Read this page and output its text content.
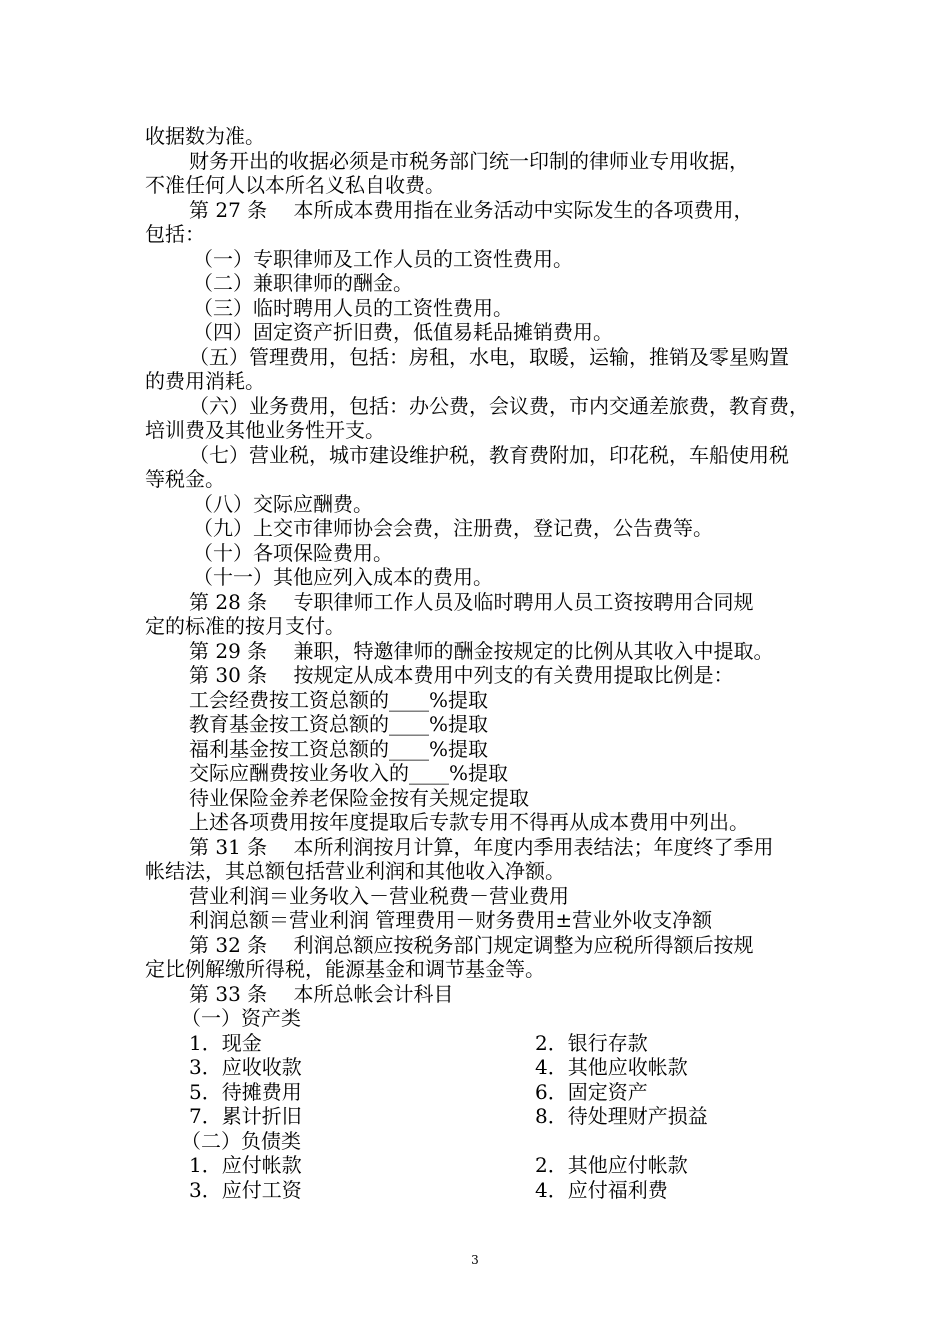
收据数为准。
财务开出的收据必须是市税务部门统一印制的律师业专用收据，
不准任何人以本所名义私自收费。
第 27 条　 本所成本费用指在业务活动中实际发生的各项费用，
包括：
（一）专职律师及工作人员的工资性费用。
（二）兼职律师的酬金。
（三）临时聘用人员的工资性费用。
（四）固定资产折旧费，低值易耗品摊销费用。
（五）管理费用，包括：房租，水电，取暖，运输，推销及零星购置
的费用消耗。
（六）业务费用，包括：办公费，会议费，市内交通差旅费，教育费，
培训费及其他业务性开支。
（七）营业税，城市建设维护税，教育费附加，印花税，车船使用税
等税金。
（八）交际应酬费。
（九）上交市律师协会会费，注册费，登记费，公告费等。
（十）各项保险费用。
（十一）其他应列入成本的费用。
第 28 条　 专职律师工作人员及临时聘用人员工资按聘用合同规
定的标准的按月支付。
第 29 条　 兼职，特邀律师的酬金按规定的比例从其收入中提取。
第 30 条　 按规定从成本费用中列支的有关费用提取比例是：
工会经费按工资总额的____%提取
教育基金按工资总额的____%提取
福利基金按工资总额的____%提取
交际应酬费按业务收入的____%提取
待业保险金养老保险金按有关规定提取
上述各项费用按年度提取后专款专用不得再从成本费用中列出。
第 31 条　 本所利润按月计算，年度内季用表结法；年度终了季用
帐结法，其总额包括营业利润和其他收入净额。
营业利润＝业务收入－营业税费－营业费用
利润总额＝营业利润 管理费用－财务费用±营业外收支净额
第 32 条　 利润总额应按税务部门规定调整为应税所得额后按规
定比例解缴所得税，能源基金和调节基金等。
第 33 条　 本所总帐会计科目
（一）资产类
1．现金	2．银行存款
3．应收收款	4．其他应收帐款
5．待摊费用	6．固定资产
7．累计折旧	8．待处理财产损益
（二）负债类
1．应付帐款	2．其他应付帐款
3．应付工资	4．应付福利费
3
